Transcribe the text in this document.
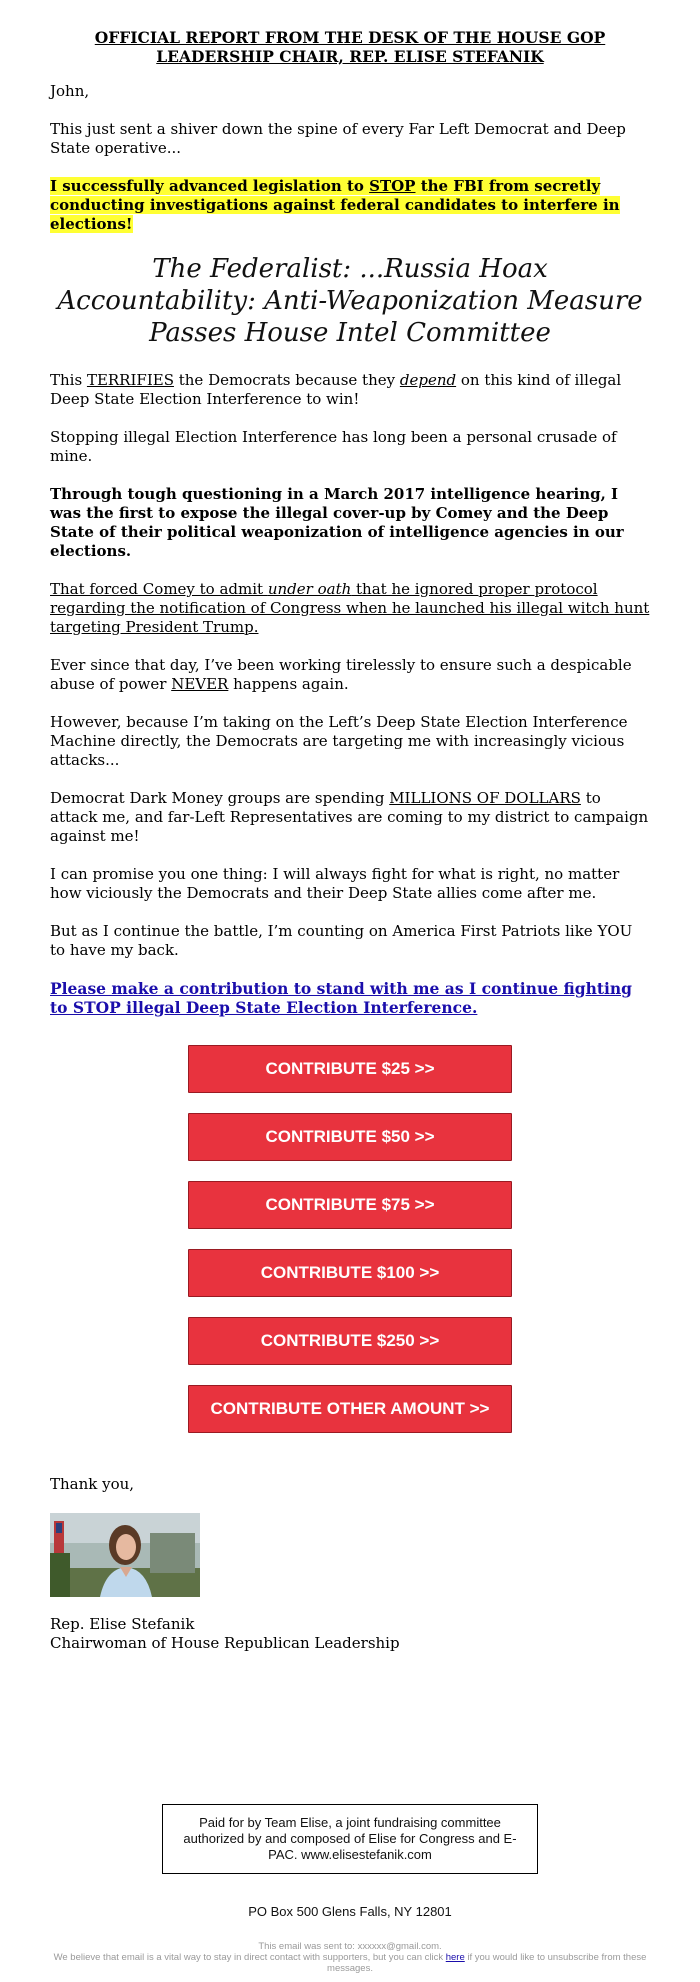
OFFICIAL REPORT FROM THE DESK OF THE HOUSE GOP
LEADERSHIP CHAIR, REP. ELISE STEFANIK

John,

This just sent a shiver down the spine of every Far Left Democrat and Deep State operative...

I successfully advanced legislation to STOP the FBI from secretly conducting investigations against federal candidates to interfere in elections!

The Federalist: ...Russia Hoax Accountability: Anti-Weaponization Measure Passes House Intel Committee

This TERRIFIES the Democrats because they depend on this kind of illegal Deep State Election Interference to win!

Stopping illegal Election Interference has long been a personal crusade of mine.

Through tough questioning in a March 2017 intelligence hearing, I was the first to expose the illegal cover-up by Comey and the Deep State of their political weaponization of intelligence agencies in our elections.

That forced Comey to admit under oath that he ignored proper protocol regarding the notification of Congress when he launched his illegal witch hunt targeting President Trump.

Ever since that day, I’ve been working tirelessly to ensure such a despicable abuse of power NEVER happens again.

However, because I’m taking on the Left’s Deep State Election Interference Machine directly, the Democrats are targeting me with increasingly vicious attacks...

Democrat Dark Money groups are spending MILLIONS OF DOLLARS to attack me, and far-Left Representatives are coming to my district to campaign against me!

I can promise you one thing: I will always fight for what is right, no matter how viciously the Democrats and their Deep State allies come after me.

But as I continue the battle, I’m counting on America First Patriots like YOU to have my back.

Please make a contribution to stand with me as I continue fighting to STOP illegal Deep State Election Interference.
CONTRIBUTE $25 >>
CONTRIBUTE $50 >>
CONTRIBUTE $75 >>
CONTRIBUTE $100 >>
CONTRIBUTE $250 >>
CONTRIBUTE OTHER AMOUNT >>

Thank you,

Rep. Elise Stefanik
Chairwoman of House Republican Leadership

Paid for by Team Elise, a joint fundraising committee authorized by and composed of Elise for Congress and E-PAC. www.elisestefanik.com
PO Box 500 Glens Falls, NY 12801
This email was sent to: xxxxxx@gmail.com.
We believe that email is a vital way to stay in direct contact with supporters, but you can click here if you would like to unsubscribe from these messages.
